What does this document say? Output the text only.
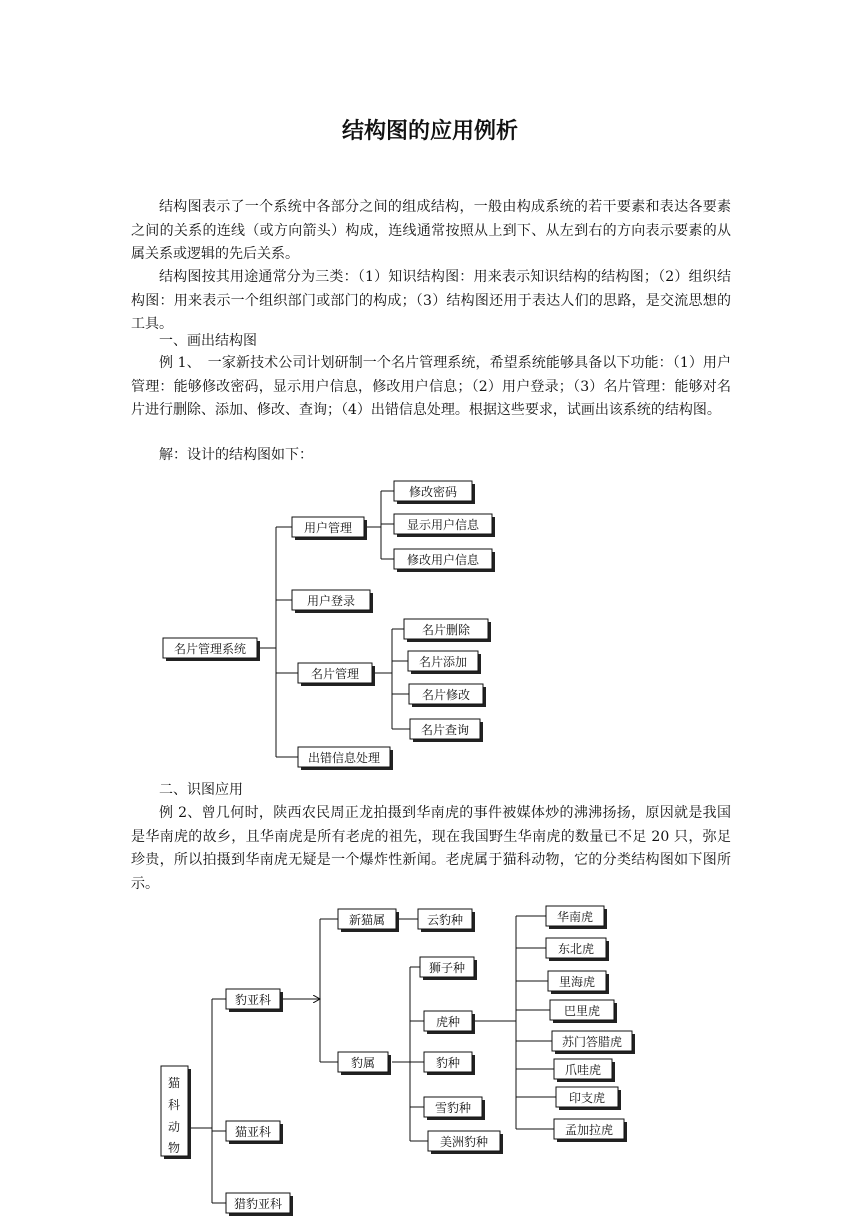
结构图的应用例析
结构图表示了一个系统中各部分之间的组成结构，一般由构成系统的若干要素和表达各要素之间的关系的连线（或方向箭头）构成，连线通常按照从上到下、从左到右的方向表示要素的从属关系或逻辑的先后关系。
结构图按其用途通常分为三类：（1）知识结构图：用来表示知识结构的结构图；（2）组织结构图：用来表示一个组织部门或部门的构成；（3）结构图还用于表达人们的思路，是交流思想的工具。
一、画出结构图
例 1、　一家新技术公司计划研制一个名片管理系统，希望系统能够具备以下功能：（1）用户管理：能够修改密码，显示用户信息，修改用户信息；（2）用户登录；（3）名片管理：能够对名片进行删除、添加、修改、查询；（4）出错信息处理。根据这些要求，试画出该系统的结构图。
解：设计的结构图如下：
二、识图应用
例 2、曾几何时，陕西农民周正龙拍摄到华南虎的事件被媒体炒的沸沸扬扬，原因就是我国是华南虎的故乡，且华南虎是所有老虎的祖先，现在我国野生华南虎的数量已不足 20 只，弥足珍贵，所以拍摄到华南虎无疑是一个爆炸性新闻。老虎属于猫科动物，它的分类结构图如下图所示。
名片管理系统
用户管理
修改密码
显示用户信息
修改用户信息
用户登录
名片管理
名片删除
名片添加
名片修改
名片查询
出错信息处理
猫
科
动
物
豹亚科
猫亚科
猎豹亚科
新猫属	云豹种
豹属
狮子种
虎种
豹种
雪豹种
美洲豹种
华南虎
东北虎
里海虎
巴里虎
苏门答腊虎
爪哇虎
印支虎
孟加拉虎
